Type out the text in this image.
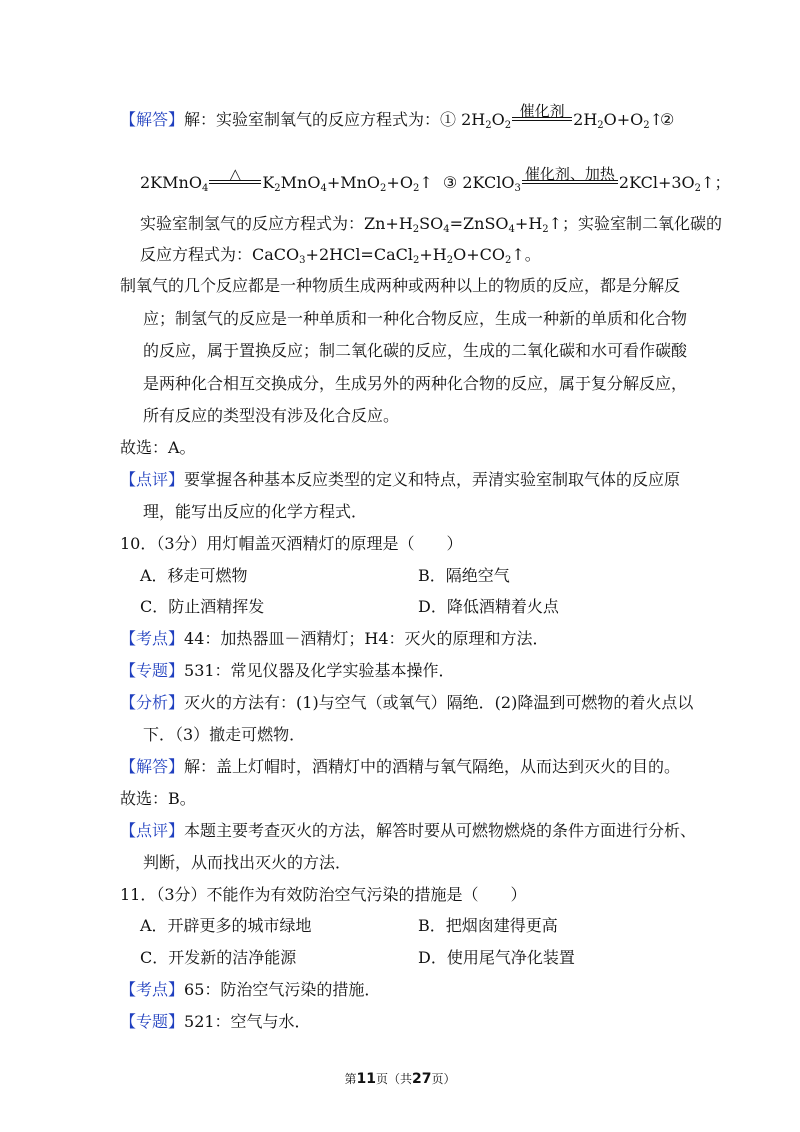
【解答】解：实验室制氧气的反应方程式为：① $2H_2O_2$
催化剂 $2H_2O+O_2↑$
②
2KMnO$_4$
△	$K_2MnO_4+MnO_2+O_2↑$ ③ 2KClO$_3$
催化剂、加热 $2KCl+3O_2↑$；
实验室制氢气的反应方程式为：$Zn+H_2SO_4=ZnSO_4+H_2↑$；实验室制二氧化碳的
反应方程式为：$CaCO_3+2HCl=CaCl_2+H_2O+CO_2↑$。
制氧气的几个反应都是一种物质生成两种或两种以上的物质的反应，都是分解反
应；制氢气的反应是一种单质和一种化合物反应，生成一种新的单质和化合物
的反应，属于置换反应；制二氧化碳的反应，生成的二氧化碳和水可看作碳酸
是两种化合相互交换成分，生成另外的两种化合物的反应，属于复分解反应，
所有反应的类型没有涉及化合反应。
故选：A。
【点评】要掌握各种基本反应类型的定义和特点，弄清实验室制取气体的反应原
理，能写出反应的化学方程式．
10．（3分）用灯帽盖灭酒精灯的原理是（　　）
A．移走可燃物	B．隔绝空气
C．防止酒精挥发	D．降低酒精着火点
【考点】44：加热器皿－酒精灯；H4：灭火的原理和方法．
【专题】531：常见仪器及化学实验基本操作．
【分析】灭火的方法有：(1)与空气（或氧气）隔绝．(2)降温到可燃物的着火点以
下．（3）撤走可燃物．
【解答】解：盖上灯帽时，酒精灯中的酒精与氧气隔绝，从而达到灭火的目的。
故选：B。
【点评】本题主要考查灭火的方法，解答时要从可燃物燃烧的条件方面进行分析、
判断，从而找出灭火的方法．
11．（3分）不能作为有效防治空气污染的措施是（　　）
A．开辟更多的城市绿地	B．把烟囱建得更高
C．开发新的洁净能源	D．使用尾气净化装置
【考点】65：防治空气污染的措施．
【专题】521：空气与水．
第11页（共27页）
